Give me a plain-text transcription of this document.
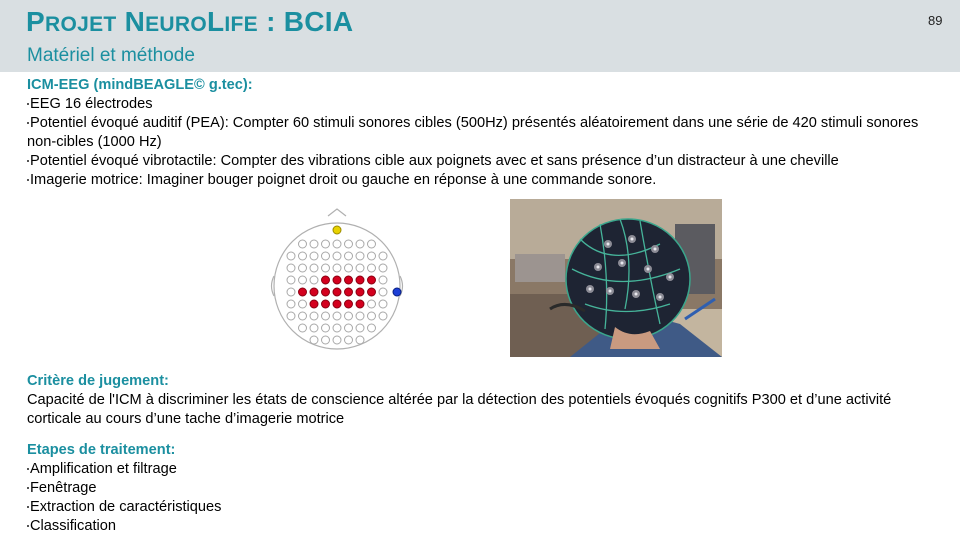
PROJET NEUROLIFE : BCIA
Matériel et méthode
89
ICM-EEG (mindBEAGLE© g.tec):
EEG 16 électrodes
Potentiel évoqué auditif (PEA): Compter 60 stimuli sonores cibles (500Hz) présentés aléatoirement dans une série de 420 stimuli sonores non-cibles (1000 Hz)
Potentiel évoqué vibrotactile: Compter des vibrations cible aux poignets avec et sans présence d’un distracteur à une cheville
Imagerie motrice: Imaginer bouger poignet droit ou gauche en réponse à une commande sonore.
Critère de jugement:
Capacité de l'ICM à discriminer les états de conscience altérée par la détection des potentiels évoqués cognitifs P300 et d’une activité corticale au cours d’une tache d’imagerie motrice
Etapes de traitement:
Amplification et filtrage
Fenêtrage
Extraction de caractéristiques
Classification
